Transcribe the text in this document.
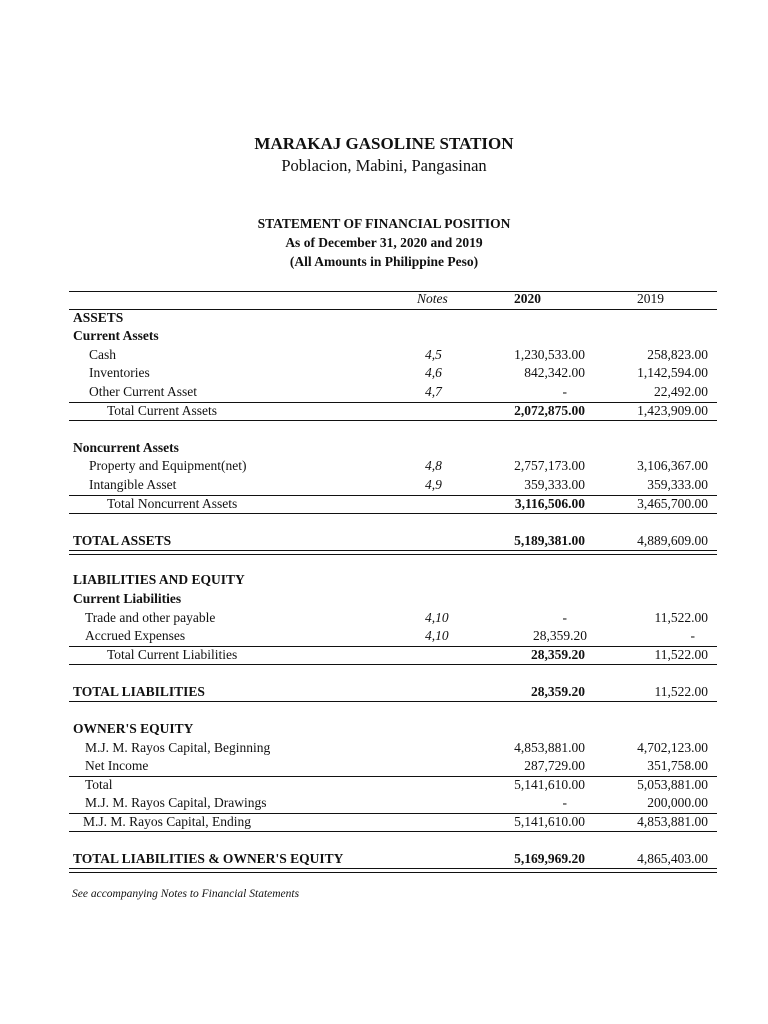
MARAKAJ GASOLINE STATION
Poblacion, Mabini, Pangasinan
STATEMENT OF FINANCIAL POSITION
As of December 31, 2020 and 2019
(All Amounts in Philippine Peso)
Notes	2020	2019
ASSETS
Current Assets
Cash	4,5	1,230,533.00	258,823.00
Inventories	4,6	842,342.00	1,142,594.00
Other Current Asset	4,7	-	22,492.00
Total Current Assets	2,072,875.00	1,423,909.00
Noncurrent Assets
Property and Equipment(net)	4,8	2,757,173.00	3,106,367.00
Intangible Asset	4,9	359,333.00	359,333.00
Total Noncurrent Assets	3,116,506.00	3,465,700.00
TOTAL ASSETS	5,189,381.00	4,889,609.00
LIABILITIES AND EQUITY
Current Liabilities
Trade and other payable	4,10	-	11,522.00
Accrued Expenses	4,10	28,359.20	-
Total Current Liabilities	28,359.20	11,522.00
TOTAL LIABILITIES	28,359.20	11,522.00
OWNER'S EQUITY
M.J. M. Rayos Capital, Beginning	4,853,881.00	4,702,123.00
Net Income	287,729.00	351,758.00
Total	5,141,610.00	5,053,881.00
M.J. M. Rayos Capital, Drawings	-	200,000.00
M.J. M. Rayos Capital, Ending	5,141,610.00	4,853,881.00
TOTAL LIABILITIES & OWNER'S EQUITY	5,169,969.20	4,865,403.00
See accompanying Notes to Financial Statements
